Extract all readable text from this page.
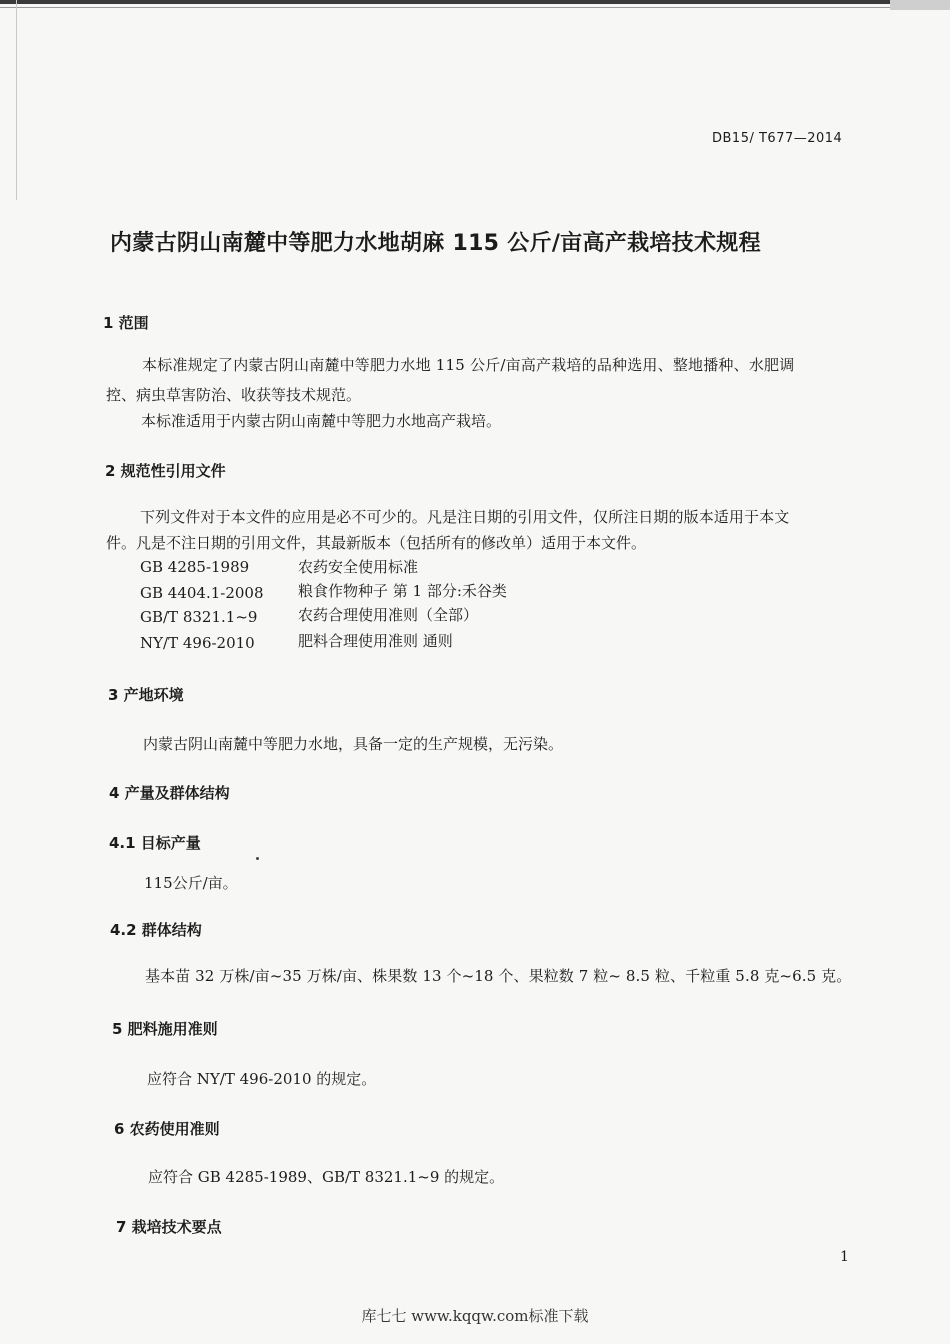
DB15/ T677—2014
内蒙古阴山南麓中等肥力水地胡麻 115 公斤/亩高产栽培技术规程
1 范围
本标准规定了内蒙古阴山南麓中等肥力水地 115 公斤/亩高产栽培的品种选用、整地播种、水肥调
控、病虫草害防治、收获等技术规范。
本标准适用于内蒙古阴山南麓中等肥力水地高产栽培。
2 规范性引用文件
下列文件对于本文件的应用是必不可少的。凡是注日期的引用文件，仅所注日期的版本适用于本文
件。凡是不注日期的引用文件，其最新版本（包括所有的修改单）适用于本文件。
GB 4285-1989	农药安全使用标准
GB 4404.1-2008 粮食作物种子 第 1 部分:禾谷类
GB/T 8321.1~9	农药合理使用准则（全部）
NY/T 496-2010	肥料合理使用准则 通则
3 产地环境
内蒙古阴山南麓中等肥力水地，具备一定的生产规模，无污染。
4 产量及群体结构
4.1 目标产量
115公斤/亩。
4.2 群体结构
基本苗 32 万株/亩~35 万株/亩、株果数 13 个~18 个、果粒数 7 粒~ 8.5 粒、千粒重 5.8 克~6.5 克。
5 肥料施用准则
应符合 NY/T 496-2010 的规定。
6 农药使用准则
应符合 GB 4285-1989、GB/T 8321.1~9 的规定。
7 栽培技术要点
1
库七七 www.kqqw.com标准下载
